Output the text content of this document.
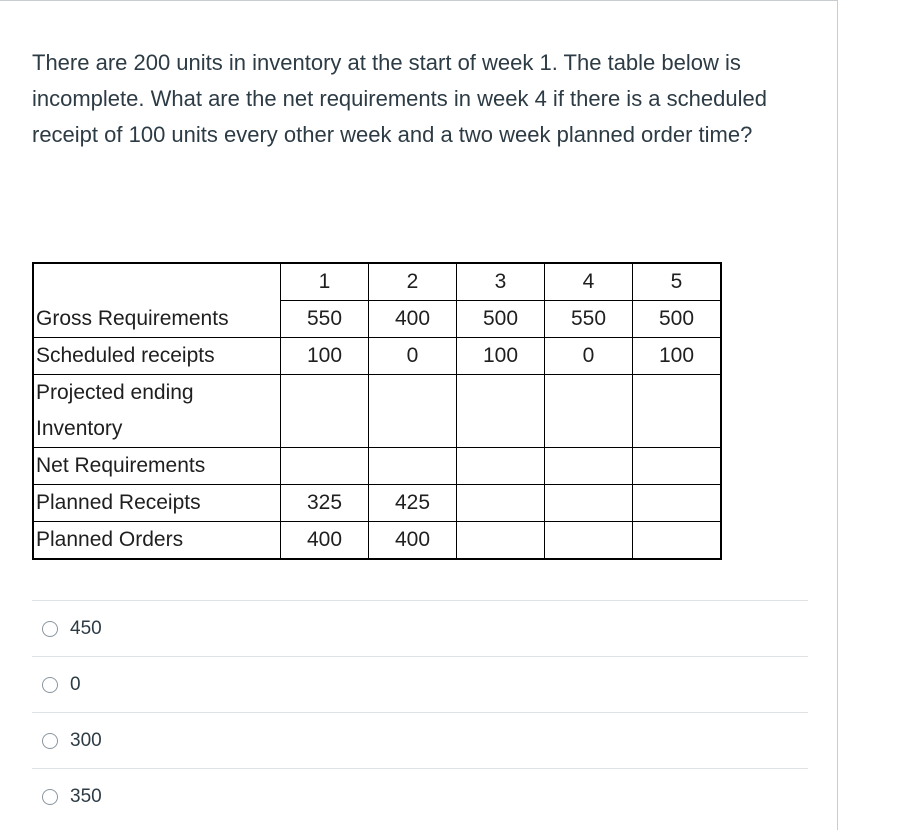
There are 200 units in inventory at the start of week 1. The table below is incomplete. What are the net requirements in week 4 if there is a scheduled receipt of 100 units every other week and a two week planned order time?

	1	2	3	4	5
Gross Requirements	550	400	500	550	500
Scheduled receipts	100	0	100	0	100
Projected ending Inventory					
Net Requirements					
Planned Receipts	325	425			
Planned Orders	400	400			
450
0
300
350
